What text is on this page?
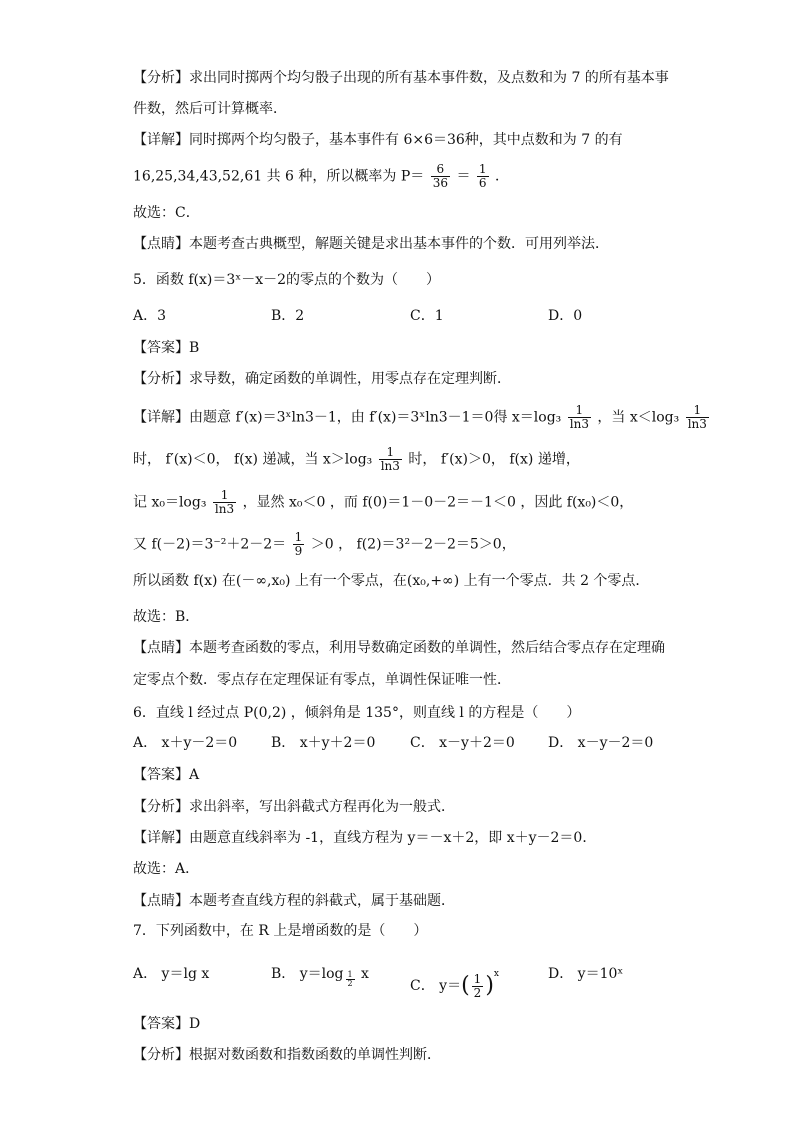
【分析】求出同时掷两个均匀骰子出现的所有基本事件数，及点数和为 7 的所有基本事
件数，然后可计算概率．
【详解】同时掷两个均匀骰子，基本事件有 6×6＝36种，其中点数和为 7 的有
16,25,34,43,52,61 共 6 种，所以概率为 $P= \frac{6}{36} = \frac{1}{6}$ ．
故选：C．
【点睛】本题考查古典概型，解题关键是求出基本事件的个数．可用列举法．
5．函数 f(x)＝3ˣ－x－2的零点的个数为（　　）
A．3	B．2	C．1	D．0
【答案】B
【分析】求导数，确定函数的单调性，用零点存在定理判断．
【详解】由题意 f′(x)＝3ˣln3－1，由 f′(x)＝3ˣln3－1＝0得 $x=\log_3 \frac{1}{\ln 3}$ ，当 $x<\log_3 \frac{1}{\ln 3}$
时， f′(x)＜0， f(x) 递减，当 $x>\log_3 \frac{1}{\ln 3}$ 时， f′(x)＞0， f(x) 递增，
记 $x_0=\log_3 \frac{1}{\ln 3}$ ，显然 x₀＜0 ，而 f(0)＝1－0－2＝－1＜0 ，因此 f(x₀)＜0，
又 $f(-2)=3^{-2}+2-2= \frac{1}{9} >0$ ， f(2)＝3²－2－2＝5＞0，
所以函数 f(x) 在(－∞,x₀) 上有一个零点，在(x₀,+∞) 上有一个零点．共 2 个零点．
故选：B．
【点睛】本题考查函数的零点，利用导数确定函数的单调性，然后结合零点存在定理确
定零点个数．零点存在定理保证有零点，单调性保证唯一性．
6．直线 l 经过点 P(0,2) ，倾斜角是 135°，则直线 l 的方程是（　　）
A． x＋y－2＝0 B． x＋y＋2＝0 C． x－y＋2＝0 D． x－y－2＝0
【答案】A
【分析】求出斜率，写出斜截式方程再化为一般式．
【详解】由题意直线斜率为 -1，直线方程为 y＝－x＋2，即 x＋y－2＝0．
故选：A．
【点睛】本题考查直线方程的斜截式，属于基础题．
7．下列函数中，在 R 上是增函数的是（　　）
A． y＝lg x	B． $y=\log \frac{1}{2}$ x
C． $y=( \frac{1}{2} )^x$	D． y＝10ˣ
【答案】D
【分析】根据对数函数和指数函数的单调性判断．
